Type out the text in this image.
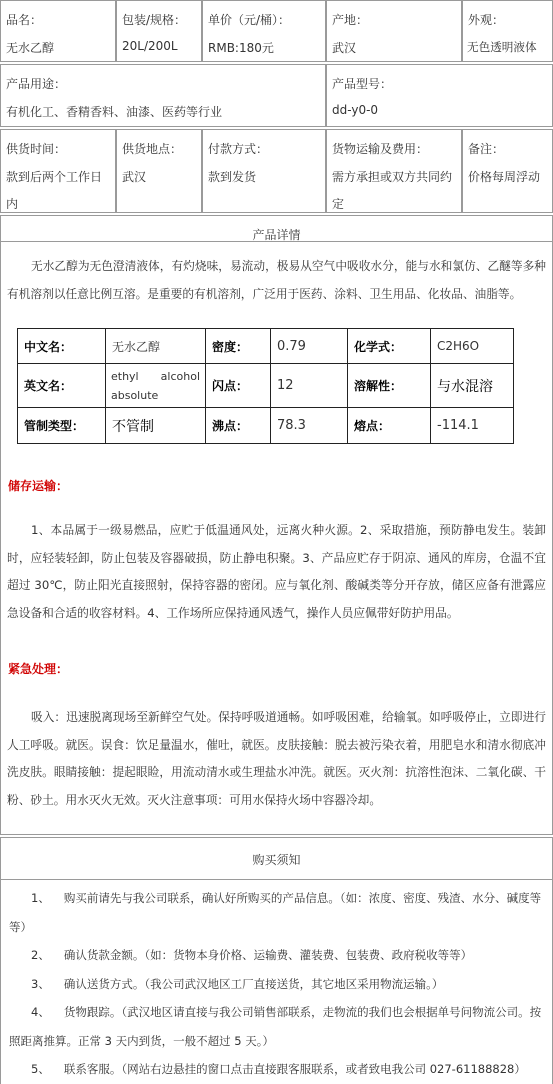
品名：
无水乙醇
包装/规格：
20L/200L
单价（元/桶）：
RMB:180元
产地：
武汉
外观：
无色透明液体
产品用途：
有机化工、香精香料、油漆、医药等行业
产品型号：
dd-y0-0
供货时间：
款到后两个工作日内
供货地点：
武汉
付款方式：
款到发货
货物运输及费用：
需方承担或双方共同约定
备注：
价格每周浮动
产品详情

无水乙醇为无色澄清液体，有灼烧味，易流动，极易从空气中吸收水分，能与水和氯仿、乙醚等多种有机溶剂以任意比例互溶。是重要的有机溶剂，广泛用于医药、涂料、卫生用品、化妆品、油脂等。

中文名：	无水乙醇	密度：	0.79	化学式：	C2H6O
英文名：	ethyl alcohol absolute	闪点：	12	溶解性：	与水混溶
管制类型：	不管制	沸点：	78.3	熔点：	-114.1
储存运输：

1、本品属于一级易燃品，应贮于低温通风处，远离火种火源。2、采取措施，预防静电发生。装卸时，应轻装轻卸，防止包装及容器破损，防止静电积聚。3、产品应贮存于阴凉、通风的库房，仓温不宜超过 30℃，防止阳光直接照射，保持容器的密闭。应与氧化剂、酸碱类等分开存放，储区应备有泄露应急设备和合适的收容材料。4、工作场所应保持通风透气，操作人员应佩带好防护用品。

紧急处理：

吸入：迅速脱离现场至新鲜空气处。保持呼吸道通畅。如呼吸困难，给输氧。如呼吸停止，立即进行人工呼吸。就医。误食：饮足量温水，催吐，就医。皮肤接触：脱去被污染衣着，用肥皂水和清水彻底冲洗皮肤。眼睛接触：提起眼睑，用流动清水或生理盐水冲洗。就医。灭火剂：抗溶性泡沫、二氧化碳、干粉、砂土。用水灭火无效。灭火注意事项：可用水保持火场中容器冷却。

购买须知

1、 购买前请先与我公司联系，确认好所购买的产品信息。（如：浓度、密度、残渣、水分、碱度等等）

2、 确认货款金额。（如：货物本身价格、运输费、灌装费、包装费、政府税收等等）

3、 确认送货方式。（我公司武汉地区工厂直接送货，其它地区采用物流运输。）

4、 货物跟踪。（武汉地区请直接与我公司销售部联系，走物流的我们也会根据单号问物流公司。按照距离推算。正常 3 天内到货，一般不超过 5 天。）

5、 联系客服。（网站右边悬挂的窗口点击直接跟客服联系，或者致电我公司 027-61188828）
